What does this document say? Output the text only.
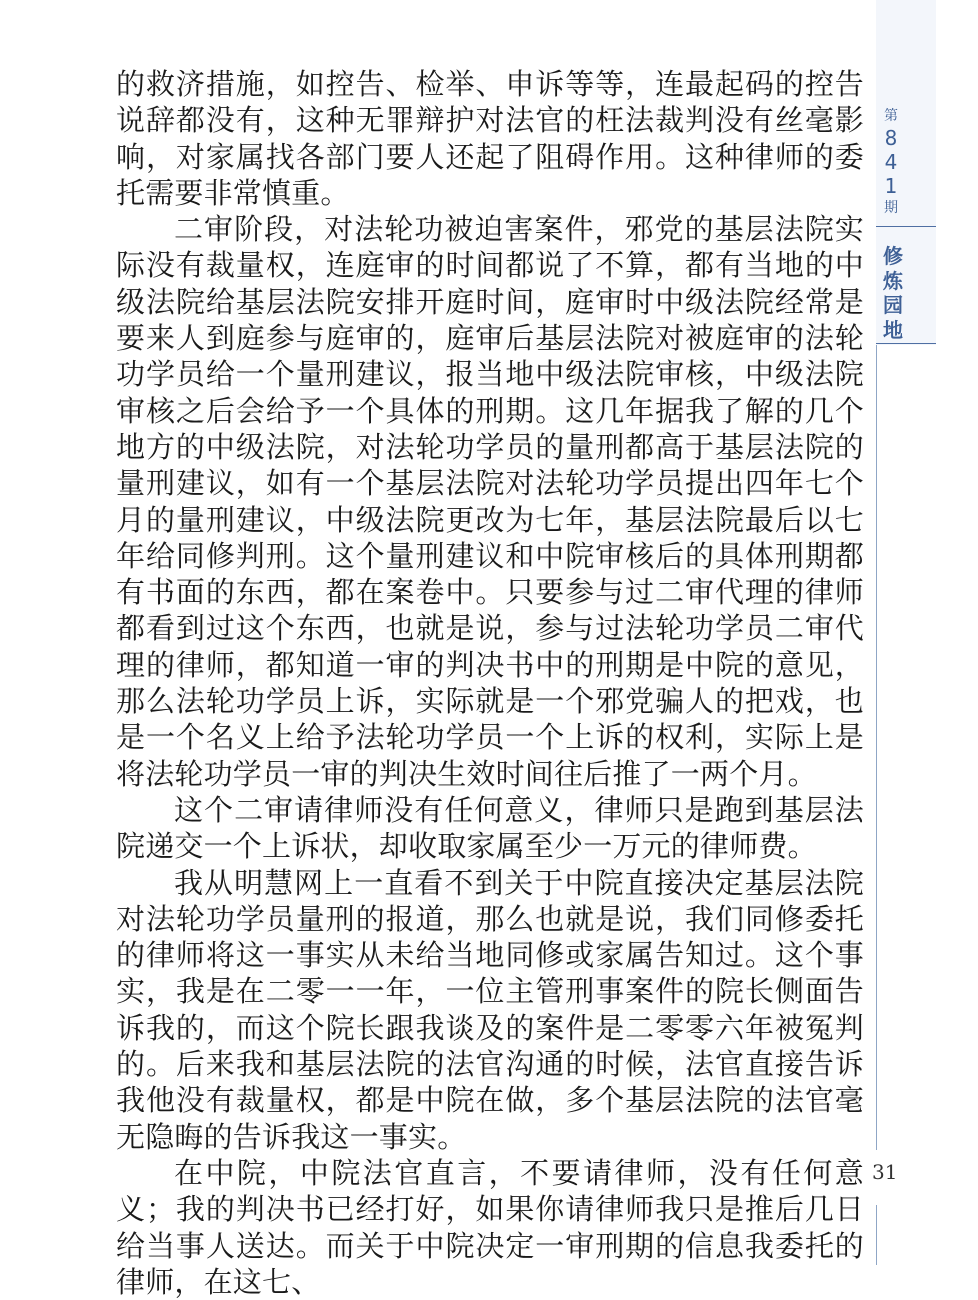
的救济措施，如控告、检举、申诉等等，连最起码的控告说辞都没有，这种无罪辩护对法官的枉法裁判没有丝毫影响，对家属找各部门要人还起了阻碍作用。这种律师的委托需要非常慎重。

二审阶段，对法轮功被迫害案件，邪党的基层法院实际没有裁量权，连庭审的时间都说了不算，都有当地的中级法院给基层法院安排开庭时间，庭审时中级法院经常是要来人到庭参与庭审的，庭审后基层法院对被庭审的法轮功学员给一个量刑建议，报当地中级法院审核，中级法院审核之后会给予一个具体的刑期。这几年据我了解的几个地方的中级法院，对法轮功学员的量刑都高于基层法院的量刑建议，如有一个基层法院对法轮功学员提出四年七个月的量刑建议，中级法院更改为七年，基层法院最后以七年给同修判刑。这个量刑建议和中院审核后的具体刑期都有书面的东西，都在案卷中。只要参与过二审代理的律师都看到过这个东西，也就是说，参与过法轮功学员二审代理的律师，都知道一审的判决书中的刑期是中院的意见，那么法轮功学员上诉，实际就是一个邪党骗人的把戏，也是一个名义上给予法轮功学员一个上诉的权利，实际上是将法轮功学员一审的判决生效时间往后推了一两个月。

这个二审请律师没有任何意义，律师只是跑到基层法院递交一个上诉状，却收取家属至少一万元的律师费。

我从明慧网上一直看不到关于中院直接决定基层法院对法轮功学员量刑的报道，那么也就是说，我们同修委托的律师将这一事实从未给当地同修或家属告知过。这个事实，我是在二零一一年，一位主管刑事案件的院长侧面告诉我的，而这个院长跟我谈及的案件是二零零六年被冤判的。后来我和基层法院的法官沟通的时候，法官直接告诉我他没有裁量权，都是中院在做，多个基层法院的法官毫无隐晦的告诉我这一事实。

在中院，中院法官直言，不要请律师，没有任何意义；我的判决书已经打好，如果你请律师我只是推后几日给当事人送达。而关于中院决定一审刑期的信息我委托的律师，在这七、

第
8
4
1
期
修
炼
园
地
31
